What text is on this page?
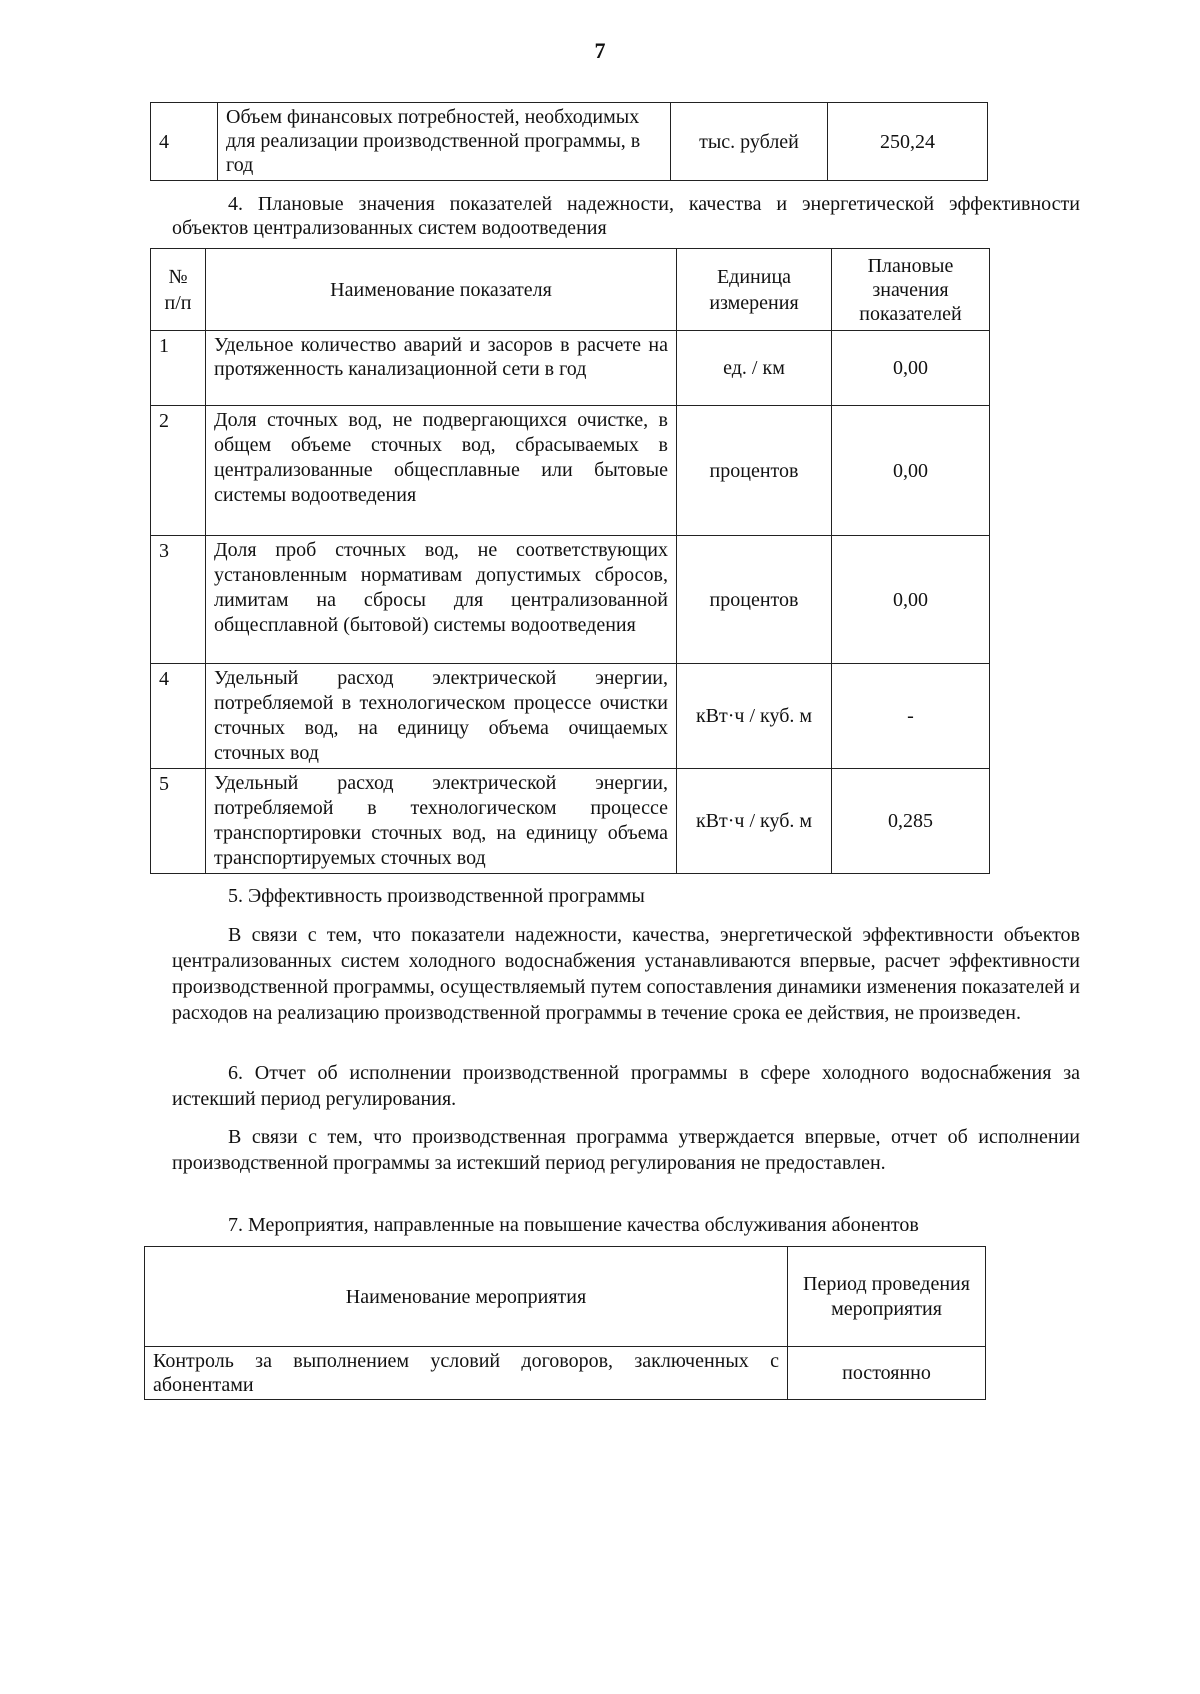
7
4	Объем финансовых потребностей, необходимых для реализации производственной программы, в год	тыс. рублей	250,24
4. Плановые значения показателей надежности, качества и энергетической эффективности объектов централизованных систем водоотведения
№ п/п	Наименование показателя	Единица измерения	Плановые значения показателей
1	Удельное количество аварий и засоров в расчете на протяженность канализационной сети в год	ед. / км	0,00
2	Доля сточных вод, не подвергающихся очистке, в общем объеме сточных вод, сбрасываемых в централизованные общесплавные или бытовые системы водоотведения	процентов	0,00
3	Доля проб сточных вод, не соответствующих установленным нормативам допустимых сбросов, лимитам на сбросы для централизованной общесплавной (бытовой) системы водоотведения	процентов	0,00
4	Удельный расход электрической энергии, потребляемой в технологическом процессе очистки сточных вод, на единицу объема очищаемых сточных вод	кВт·ч / куб. м	-
5	Удельный расход электрической энергии, потребляемой в технологическом процессе транспортировки сточных вод, на единицу объема транспортируемых сточных вод	кВт·ч / куб. м	0,285
5. Эффективность производственной программы
В связи с тем, что показатели надежности, качества, энергетической эффективности объектов централизованных систем холодного водоснабжения устанавливаются впервые, расчет эффективности производственной программы, осуществляемый путем сопоставления динамики изменения показателей и расходов на реализацию производственной программы в течение срока ее действия, не произведен.
6. Отчет об исполнении производственной программы в сфере холодного водоснабжения за истекший период регулирования.
В связи с тем, что производственная программа утверждается впервые, отчет об исполнении производственной программы за истекший период регулирования не предоставлен.
7. Мероприятия, направленные на повышение качества обслуживания абонентов
Наименование мероприятия	Период проведения мероприятия
Контроль за выполнением условий договоров, заключенных с абонентами	постоянно
